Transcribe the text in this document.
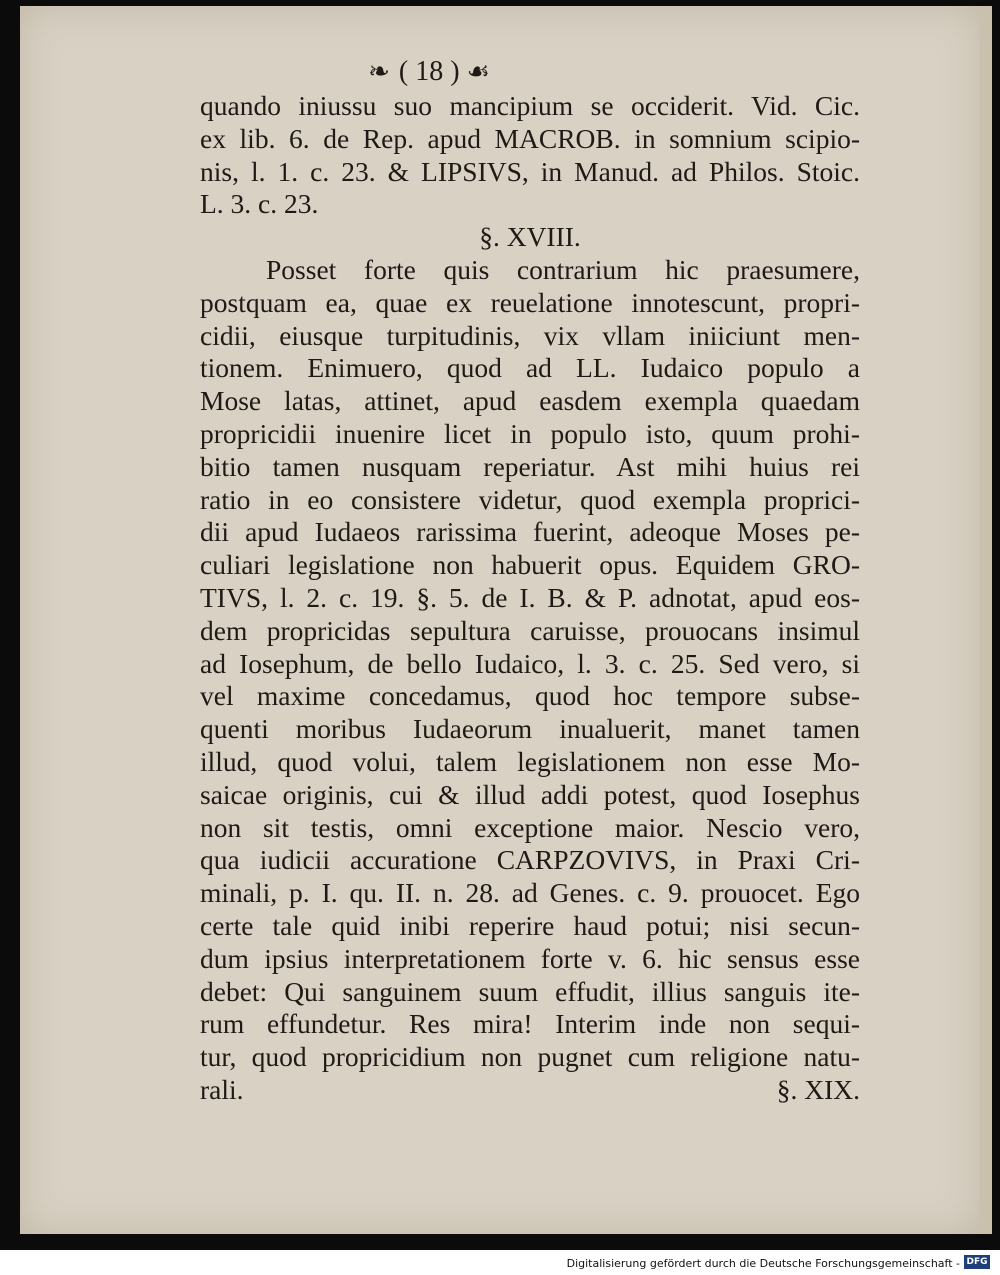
❧ ( 18 ) ☙
quando iniussu suo mancipium se occiderit. Vid. Cic.
ex lib. 6. de Rep. apud MACROB. in somnium scipio-
nis, l. 1. c. 23. & LIPSIVS, in Manud. ad Philos. Stoic.
L. 3. c. 23.
§. XVIII.
Posset forte quis contrarium hic praesumere,
postquam ea, quae ex reuelatione innotescunt, propri-
cidii, eiusque turpitudinis, vix vllam iniiciunt men-
tionem. Enimuero, quod ad LL. Iudaico populo a
Mose latas, attinet, apud easdem exempla quaedam
propricidii inuenire licet in populo isto, quum prohi-
bitio tamen nusquam reperiatur. Ast mihi huius rei
ratio in eo consistere videtur, quod exempla proprici-
dii apud Iudaeos rarissima fuerint, adeoque Moses pe-
culiari legislatione non habuerit opus. Equidem GRO-
TIVS, l. 2. c. 19. §. 5. de I. B. & P. adnotat, apud eos-
dem propricidas sepultura caruisse, prouocans insimul
ad Iosephum, de bello Iudaico, l. 3. c. 25. Sed vero, si
vel maxime concedamus, quod hoc tempore subse-
quenti moribus Iudaeorum inualuerit, manet tamen
illud, quod volui, talem legislationem non esse Mo-
saicae originis, cui & illud addi potest, quod Iosephus
non sit testis, omni exceptione maior. Nescio vero,
qua iudicii accuratione CARPZOVIVS, in Praxi Cri-
minali, p. I. qu. II. n. 28. ad Genes. c. 9. prouocet. Ego
certe tale quid inibi reperire haud potui; nisi secun-
dum ipsius interpretationem forte v. 6. hic sensus esse
debet: Qui sanguinem suum effudit, illius sanguis ite-
rum effundetur. Res mira! Interim inde non sequi-
tur, quod propricidium non pugnet cum religione natu-
rali.	§. XIX.
Digitalisierung gefördert durch die Deutsche Forschungsgemeinschaft - DFG
